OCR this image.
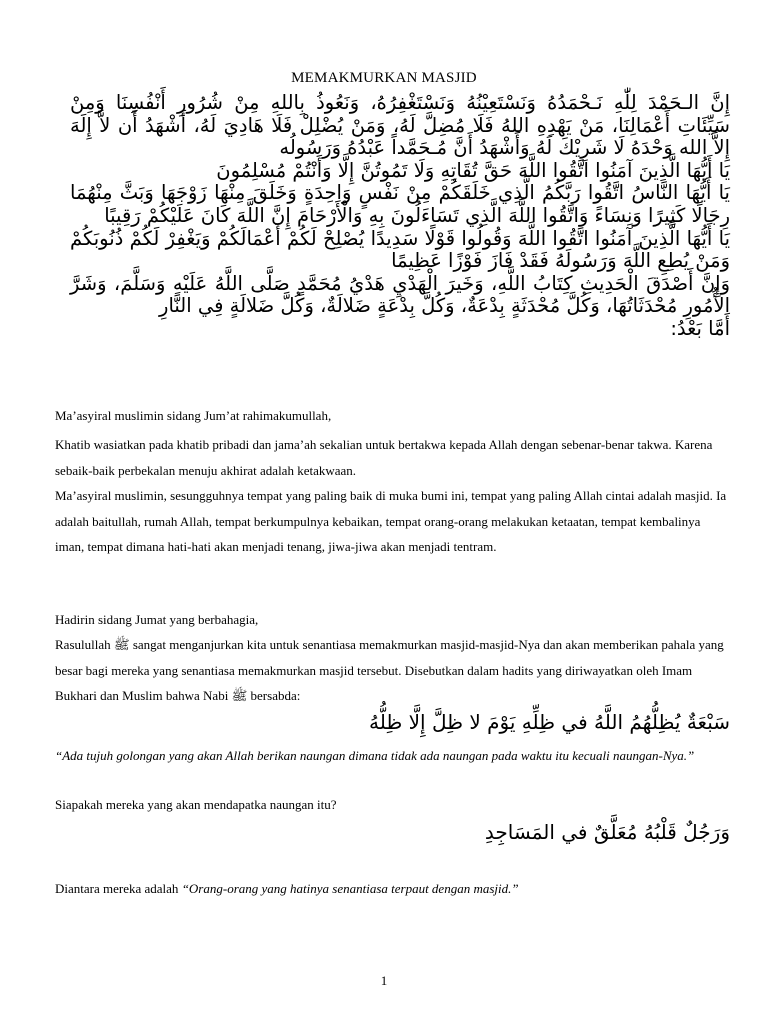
MEMAKMURKAN MASJID

إِنَّ الـحَمْدَ لِلّٰهِ نَـحْمَدُهُ وَنَسْتَعِيْنُهُ وَنَسْتَغْفِرُهُ، وَنَعُوذُ بِاللهِ مِنْ شُرُورِ أَنْفُسِنَا وَمِنْ سَيِّئَاتِ أَعْمَالِنَا، مَنْ يَهْدِهِ اللهُ فَلَا مُضِلَّ لَهُ، وَمَنْ يُضْلِلْ فَلَا هَادِيَ لَهُ، أَشْهَدُ أَن لاَّ إِلَهَ إِلاَّ الله وَحْدَهُ لَا شَرِيْكَ لَهُ وَأَشْهَدُ أَنَّ مُـحَمَّداً عَبْدُهُ وَرَسُولُه

يَا أَيُّهَا الَّذِينَ آمَنُوا اتَّقُوا اللَّهَ حَقَّ تُقَاتِهِ وَلَا تَمُوتُنَّ إِلَّا وَأَنْتُمْ مُسْلِمُونَ

يَا أَيُّهَا النَّاسُ اتَّقُوا رَبَّكُمُ الَّذِي خَلَقَكُمْ مِنْ نَفْسٍ وَاحِدَةٍ وَخَلَقَ مِنْهَا زَوْجَهَا وَبَثَّ مِنْهُمَا رِجَالًا كَثِيرًا وَنِسَاءً وَاتَّقُوا اللَّهَ الَّذِي تَسَاءَلُونَ بِهِ وَالْأَرْحَامَ إِنَّ اللَّهَ كَانَ عَلَيْكُمْ رَقِيبًا

يَا أَيُّهَا الَّذِينَ آمَنُوا اتَّقُوا اللَّهَ وَقُولُوا قَوْلًا سَدِيدًا يُصْلِحْ لَكُمْ أَعْمَالَكُمْ وَيَغْفِرْ لَكُمْ ذُنُوبَكُمْ وَمَنْ يُطِعِ اللَّهَ وَرَسُولَهُ فَقَدْ فَازَ فَوْزًا عَظِيمًا

وَإِنَّ أَصْدَقَ الْحَدِيثِ كِتَابُ اللَّهِ، وَخَيرَ الْهَدْيِ هَدْيُ مُحَمَّدٍ صَلَّى اللَّهُ عَلَيْهِ وَسَلَّمَ، وَشَرَّ الأُمُورِ مُحْدَثَاتُهَا، وَكُلَّ مُحْدَثَةٍ بِدْعَةٌ، وَكُلَّ بِدْعَةٍ ضَلالَةٌ، وَكُلَّ ضَلالَةٍ فِي النَّارِ

أَمَّا بَعْدُ:

Ma’asyiral muslimin sidang Jum’at rahimakumullah,

Khatib wasiatkan pada khatib pribadi dan jama’ah sekalian untuk bertakwa kepada Allah dengan sebenar-benar takwa. Karena sebaik-baik perbekalan menuju akhirat adalah ketakwaan.

Ma’asyiral muslimin, sesungguhnya tempat yang paling baik di muka bumi ini, tempat yang paling Allah cintai adalah masjid. Ia adalah baitullah, rumah Allah, tempat berkumpulnya kebaikan, tempat orang-orang melakukan ketaatan, tempat kembalinya iman, tempat dimana hati-hati akan menjadi tenang, jiwa-jiwa akan menjadi tentram.

Hadirin sidang Jumat yang berbahagia,

Rasulullah ﷺ sangat menganjurkan kita untuk senantiasa memakmurkan masjid-masjid-Nya dan akan memberikan pahala yang besar bagi mereka yang senantiasa memakmurkan masjid tersebut. Disebutkan dalam hadits yang diriwayatkan oleh Imam Bukhari dan Muslim bahwa Nabi ﷺ bersabda:

سَبْعَةٌ يُظِلُّهُمُ اللَّهُ في ظِلِّهِ يَوْمَ لا ظِلَّ إِلَّا ظِلُّهُ

“Ada tujuh golongan yang akan Allah berikan naungan dimana tidak ada naungan pada waktu itu kecuali naungan-Nya.”

Siapakah mereka yang akan mendapatka naungan itu?

وَرَجُلٌ قَلْبُهُ مُعَلَّقٌ في المَسَاجِدِ

Diantara mereka adalah “Orang-orang yang hatinya senantiasa terpaut dengan masjid.”

1
